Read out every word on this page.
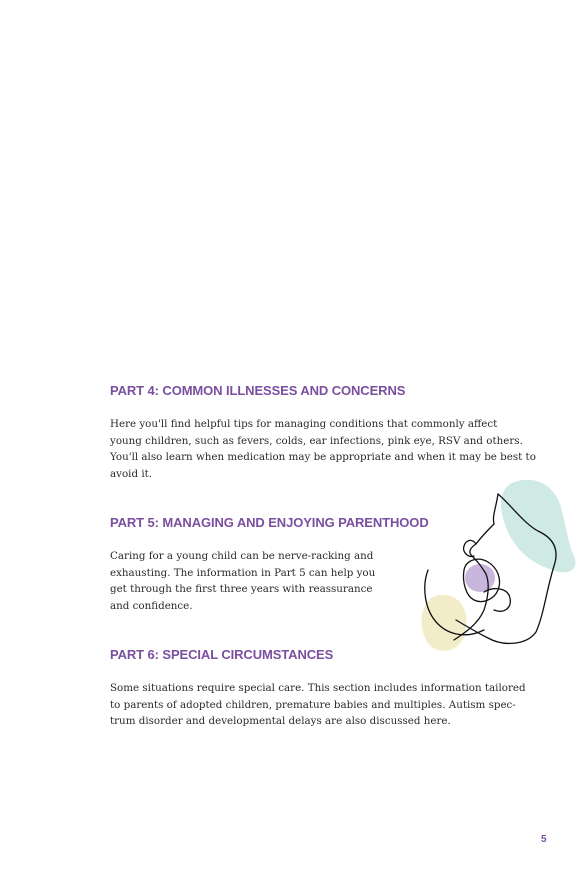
PART 4: COMMON ILLNESSES AND CONCERNS
Here you'll find helpful tips for managing conditions that commonly affect
young children, such as fevers, colds, ear infections, pink eye, RSV and others.
You'll also learn when medication may be appropriate and when it may be best to
avoid it.
PART 5: MANAGING AND ENJOYING PARENTHOOD
Caring for a young child can be nerve-racking and
exhausting. The information in Part 5 can help you
get through the first three years with reassurance
and confidence.
PART 6: SPECIAL CIRCUMSTANCES
Some situations require special care. This section includes information tailored
to parents of adopted children, premature babies and multiples. Autism spec-
trum disorder and developmental delays are also discussed here.
5
